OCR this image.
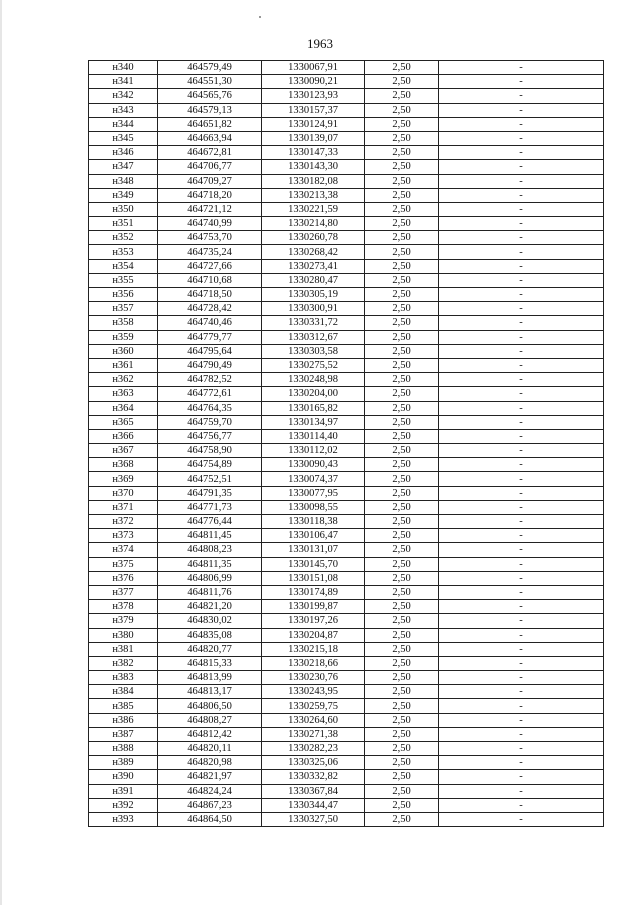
1963
н340	464579,49	1330067,91	2,50	-
н341	464551,30	1330090,21	2,50	-
н342	464565,76	1330123,93	2,50	-
н343	464579,13	1330157,37	2,50	-
н344	464651,82	1330124,91	2,50	-
н345	464663,94	1330139,07	2,50	-
н346	464672,81	1330147,33	2,50	-
н347	464706,77	1330143,30	2,50	-
н348	464709,27	1330182,08	2,50	-
н349	464718,20	1330213,38	2,50	-
н350	464721,12	1330221,59	2,50	-
н351	464740,99	1330214,80	2,50	-
н352	464753,70	1330260,78	2,50	-
н353	464735,24	1330268,42	2,50	-
н354	464727,66	1330273,41	2,50	-
н355	464710,68	1330280,47	2,50	-
н356	464718,50	1330305,19	2,50	-
н357	464728,42	1330300,91	2,50	-
н358	464740,46	1330331,72	2,50	-
н359	464779,77	1330312,67	2,50	-
н360	464795,64	1330303,58	2,50	-
н361	464790,49	1330275,52	2,50	-
н362	464782,52	1330248,98	2,50	-
н363	464772,61	1330204,00	2,50	-
н364	464764,35	1330165,82	2,50	-
н365	464759,70	1330134,97	2,50	-
н366	464756,77	1330114,40	2,50	-
н367	464758,90	1330112,02	2,50	-
н368	464754,89	1330090,43	2,50	-
н369	464752,51	1330074,37	2,50	-
н370	464791,35	1330077,95	2,50	-
н371	464771,73	1330098,55	2,50	-
н372	464776,44	1330118,38	2,50	-
н373	464811,45	1330106,47	2,50	-
н374	464808,23	1330131,07	2,50	-
н375	464811,35	1330145,70	2,50	-
н376	464806,99	1330151,08	2,50	-
н377	464811,76	1330174,89	2,50	-
н378	464821,20	1330199,87	2,50	-
н379	464830,02	1330197,26	2,50	-
н380	464835,08	1330204,87	2,50	-
н381	464820,77	1330215,18	2,50	-
н382	464815,33	1330218,66	2,50	-
н383	464813,99	1330230,76	2,50	-
н384	464813,17	1330243,95	2,50	-
н385	464806,50	1330259,75	2,50	-
н386	464808,27	1330264,60	2,50	-
н387	464812,42	1330271,38	2,50	-
н388	464820,11	1330282,23	2,50	-
н389	464820,98	1330325,06	2,50	-
н390	464821,97	1330332,82	2,50	-
н391	464824,24	1330367,84	2,50	-
н392	464867,23	1330344,47	2,50	-
н393	464864,50	1330327,50	2,50	-
